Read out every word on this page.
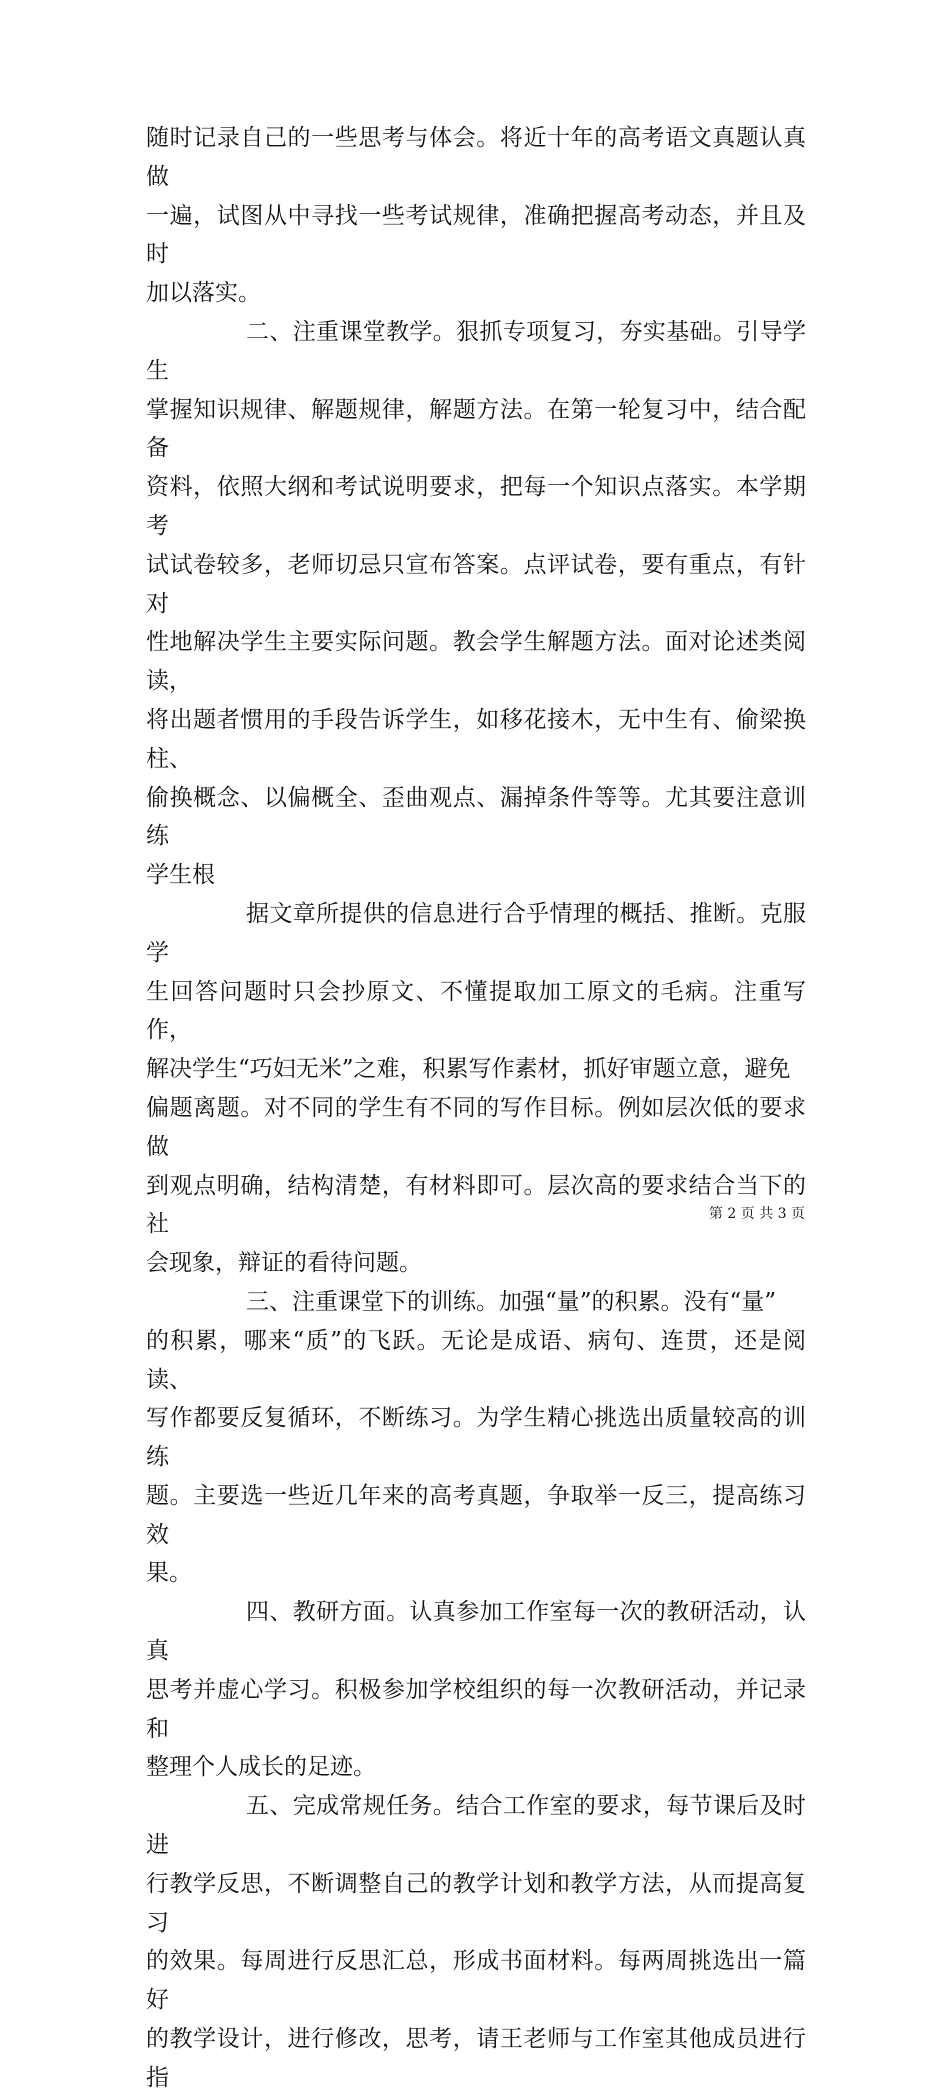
随时记录自己的一些思考与体会。将近十年的高考语文真题认真做
一遍，试图从中寻找一些考试规律，准确把握高考动态，并且及时
加以落实。

二、注重课堂教学。狠抓专项复习，夯实基础。引导学生
掌握知识规律、解题规律，解题方法。在第一轮复习中，结合配备
资料，依照大纲和考试说明要求，把每一个知识点落实。本学期考
试试卷较多，老师切忌只宣布答案。点评试卷，要有重点，有针对
性地解决学生主要实际问题。教会学生解题方法。面对论述类阅读，
将出题者惯用的手段告诉学生，如移花接木，无中生有、偷梁换柱、
偷换概念、以偏概全、歪曲观点、漏掉条件等等。尤其要注意训练
学生根

据文章所提供的信息进行合乎情理的概括、推断。克服学
生回答问题时只会抄原文、不懂提取加工原文的毛病。注重写作，
解决学生“巧妇无米”之难，积累写作素材，抓好审题立意，避免
偏题离题。对不同的学生有不同的写作目标。例如层次低的要求做
到观点明确，结构清楚，有材料即可。层次高的要求结合当下的社
会现象，辩证的看待问题。

三、注重课堂下的训练。加强“量”的积累。没有“量”
的积累，哪来“质”的飞跃。无论是成语、病句、连贯，还是阅读、
写作都要反复循环，不断练习。为学生精心挑选出质量较高的训练
题。主要选一些近几年来的高考真题，争取举一反三，提高练习效
果。

四、教研方面。认真参加工作室每一次的教研活动，认真
思考并虚心学习。积极参加学校组织的每一次教研活动，并记录和
整理个人成长的足迹。

五、完成常规任务。结合工作室的要求，每节课后及时进
行教学反思，不断调整自己的教学计划和教学方法，从而提高复习
的效果。每周进行反思汇总，形成书面材料。每两周挑选出一篇好
的教学设计，进行修改，思考，请王老师与工作室其他成员进行指

第 2 页 共 3 页
